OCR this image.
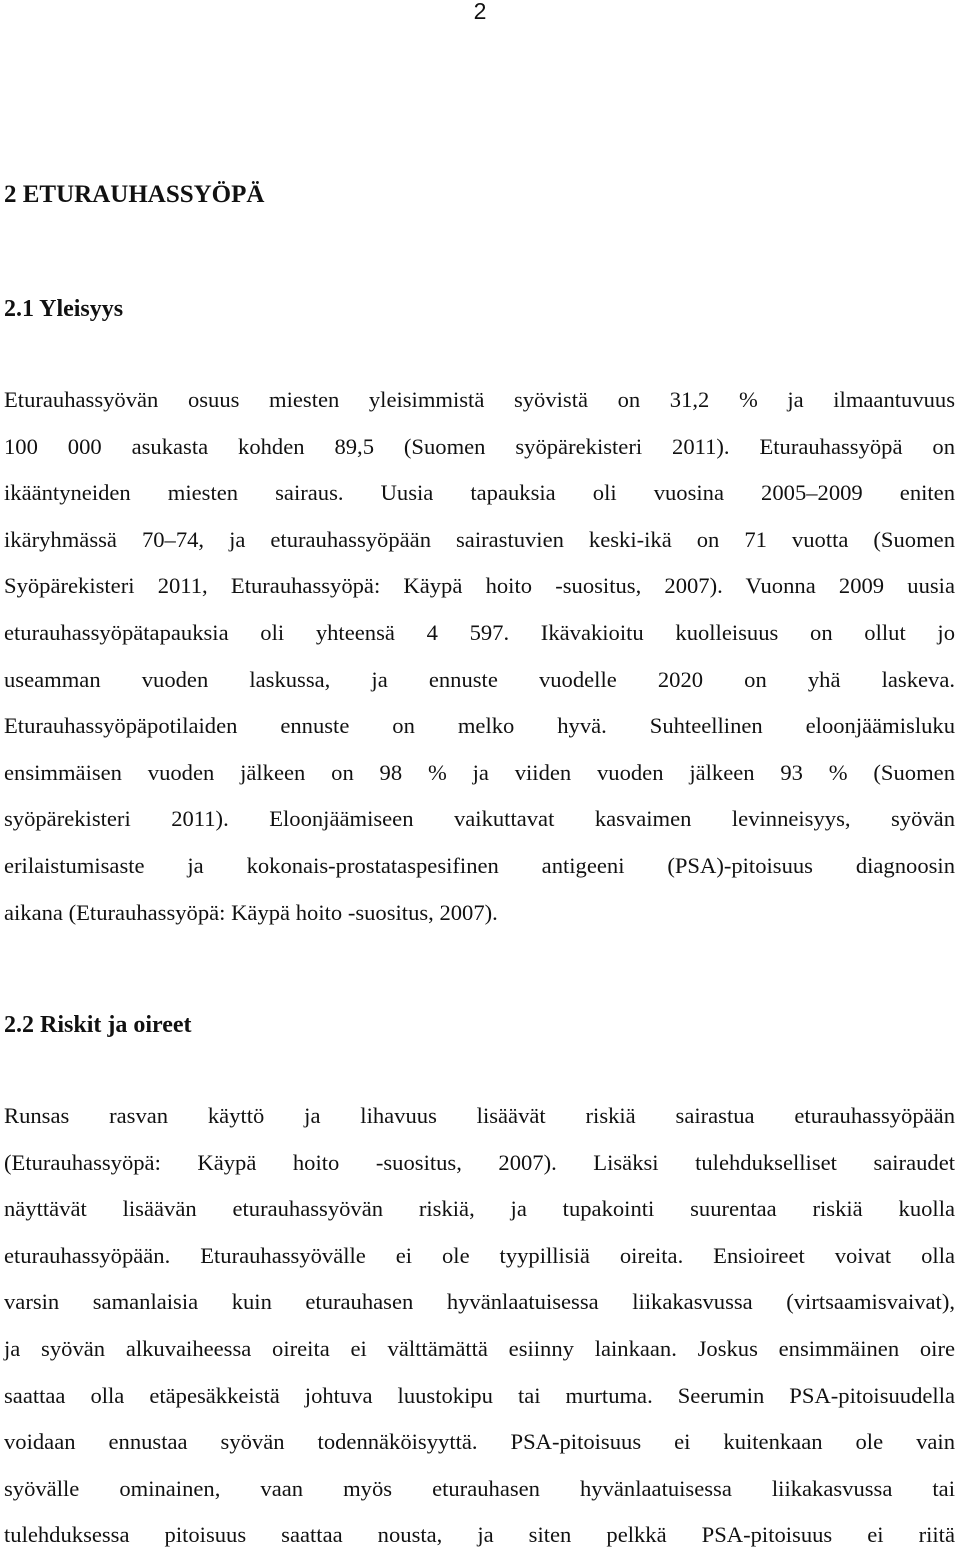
2
2 ETURAUHASSYÖPÄ
2.1 Yleisyys

Eturauhassyövän osuus miesten yleisimmistä syövistä on 31,2 % ja ilmaantuvuus
100 000 asukasta kohden 89,5 (Suomen syöpärekisteri 2011). Eturauhassyöpä on
ikääntyneiden miesten sairaus. Uusia tapauksia oli vuosina 2005–2009 eniten
ikäryhmässä 70–74, ja eturauhassyöpään sairastuvien keski-ikä on 71 vuotta (Suomen
Syöpärekisteri 2011, Eturauhassyöpä: Käypä hoito -suositus, 2007). Vuonna 2009 uusia
eturauhassyöpätapauksia oli yhteensä 4 597. Ikävakioitu kuolleisuus on ollut jo
useamman vuoden laskussa, ja ennuste vuodelle 2020 on yhä laskeva.
Eturauhassyöpäpotilaiden ennuste on melko hyvä. Suhteellinen eloonjäämisluku
ensimmäisen vuoden jälkeen on 98 % ja viiden vuoden jälkeen 93 % (Suomen
syöpärekisteri 2011). Eloonjäämiseen vaikuttavat kasvaimen levinneisyys, syövän
erilaistumisaste ja kokonais-prostataspesifinen antigeeni (PSA)-pitoisuus diagnoosin
aikana (Eturauhassyöpä: Käypä hoito -suositus, 2007).

2.2 Riskit ja oireet

Runsas rasvan käyttö ja lihavuus lisäävät riskiä sairastua eturauhassyöpään
(Eturauhassyöpä: Käypä hoito -suositus, 2007). Lisäksi tulehdukselliset sairaudet
näyttävät lisäävän eturauhassyövän riskiä, ja tupakointi suurentaa riskiä kuolla
eturauhassyöpään. Eturauhassyövälle ei ole tyypillisiä oireita. Ensioireet voivat olla
varsin samanlaisia kuin eturauhasen hyvänlaatuisessa liikakasvussa (virtsaamisvaivat),
ja syövän alkuvaiheessa oireita ei välttämättä esiinny lainkaan. Joskus ensimmäinen oire
saattaa olla etäpesäkkeistä johtuva luustokipu tai murtuma. Seerumin PSA-pitoisuudella
voidaan ennustaa syövän todennäköisyyttä. PSA-pitoisuus ei kuitenkaan ole vain
syövälle ominainen, vaan myös eturauhasen hyvänlaatuisessa liikakasvussa tai
tulehduksessa pitoisuus saattaa nousta, ja siten pelkkä PSA-pitoisuus ei riitä
